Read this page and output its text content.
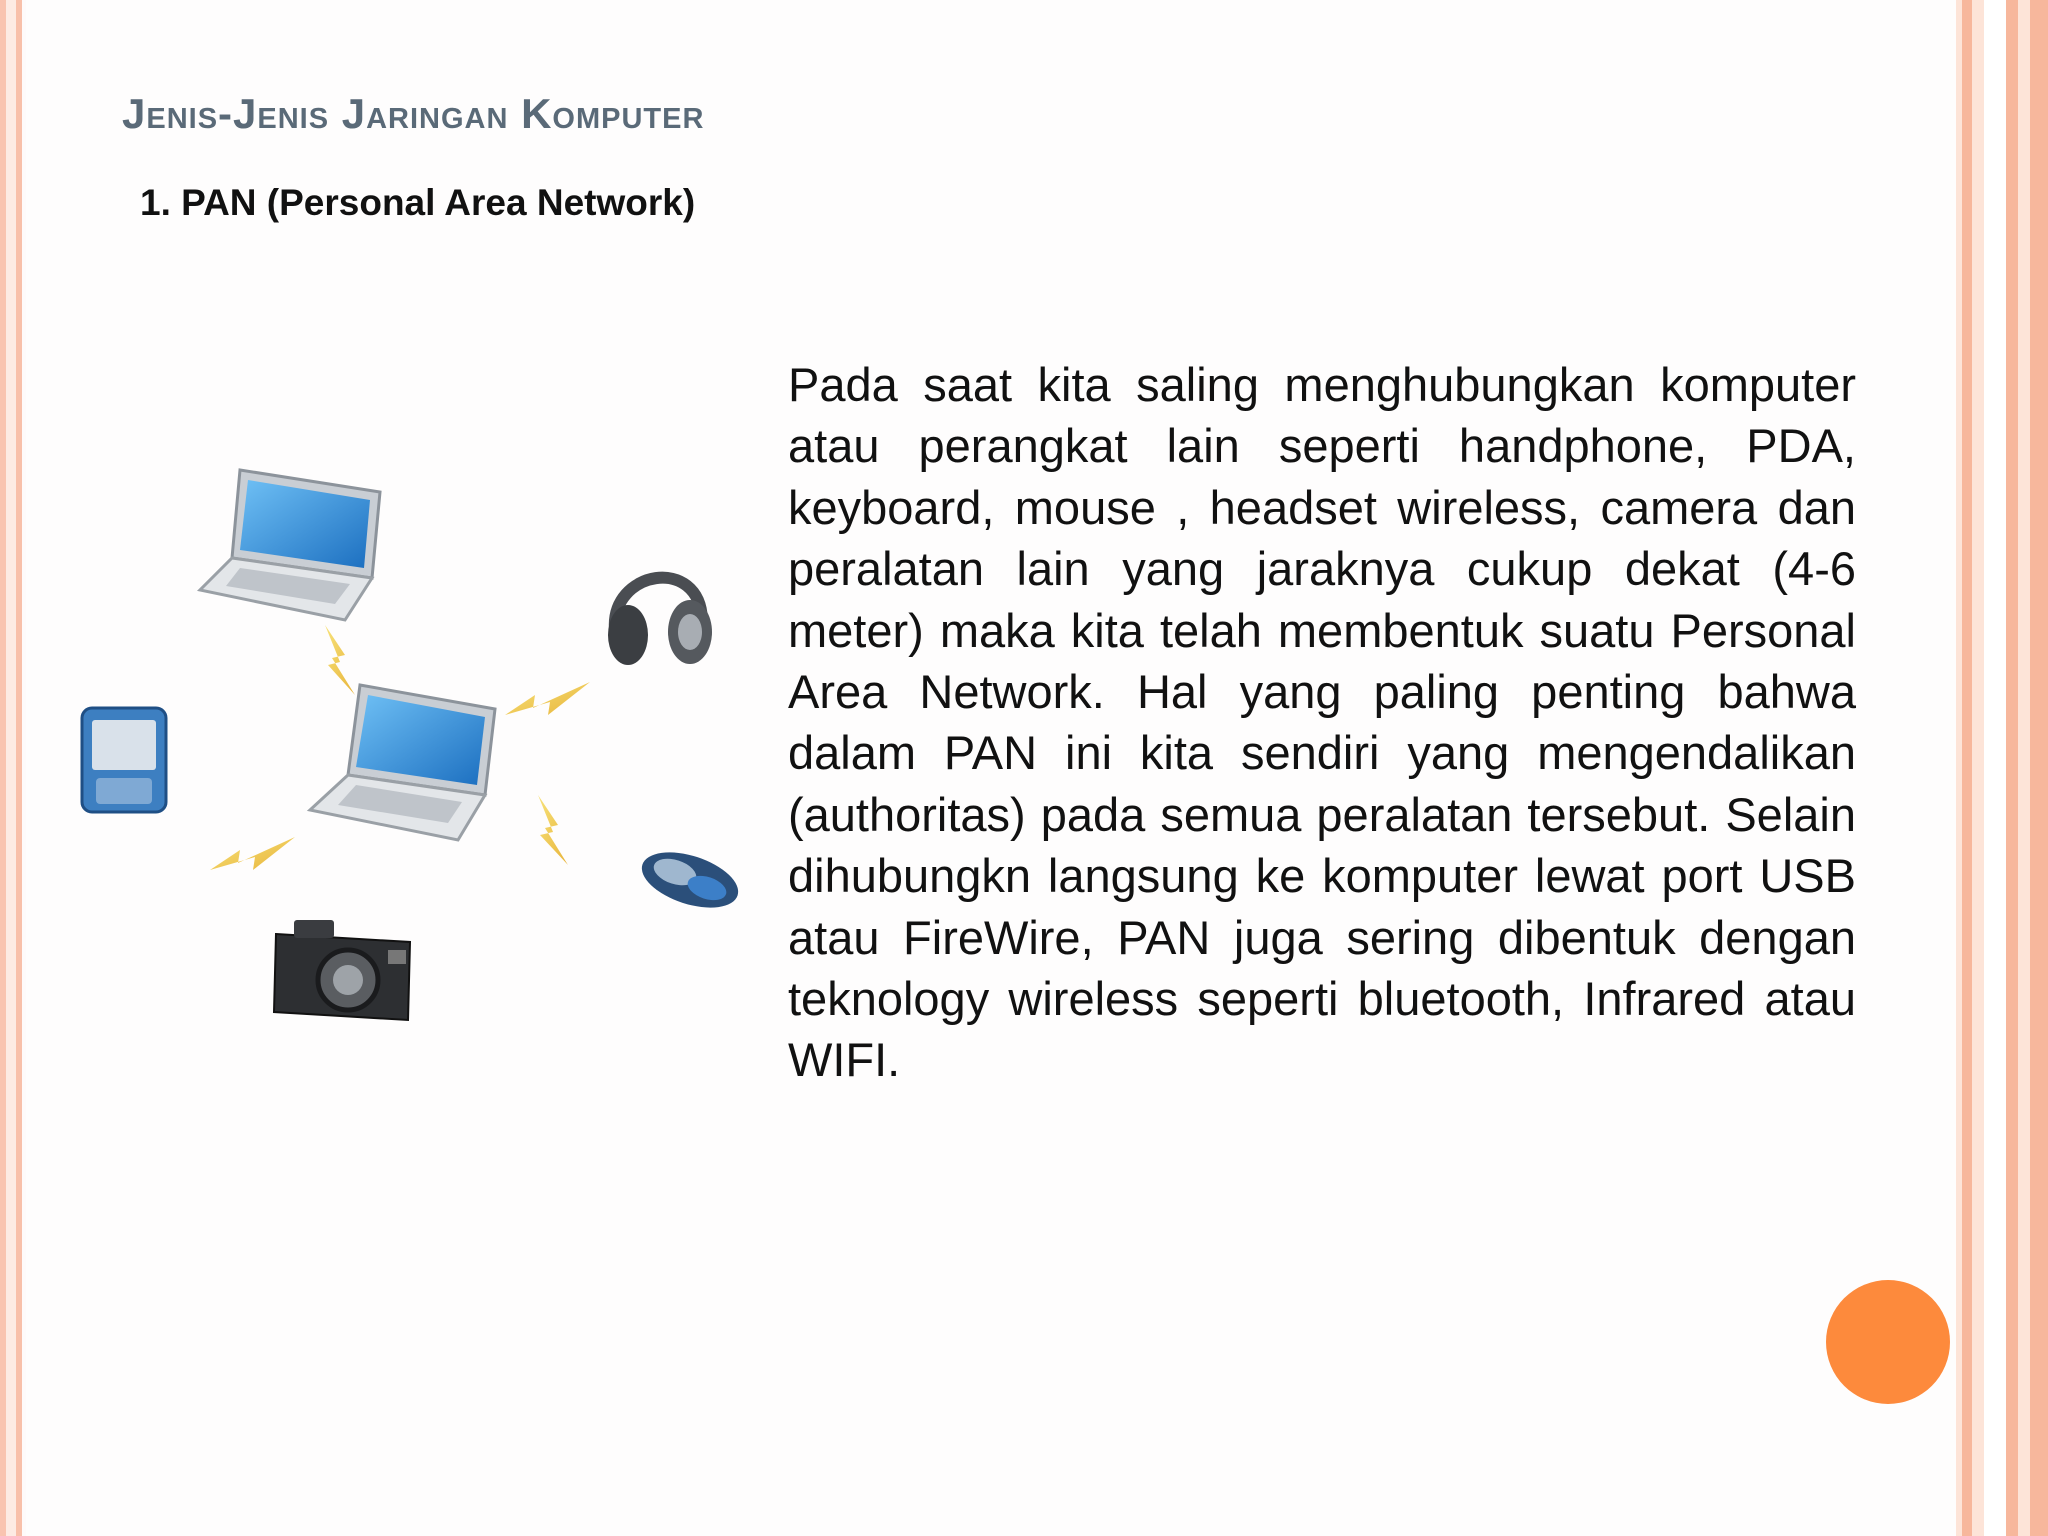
Jenis-Jenis Jaringan Komputer
1. PAN (Personal Area Network)
Pada saat kita saling menghubungkan komputer atau perangkat lain seperti handphone, PDA, keyboard, mouse , headset wireless, camera dan peralatan lain yang jaraknya cukup dekat (4-6 meter) maka kita telah membentuk suatu Personal Area Network. Hal yang paling penting bahwa dalam PAN ini kita sendiri yang mengendalikan (authoritas) pada semua peralatan tersebut. Selain dihubungkn langsung ke komputer lewat port USB atau FireWire, PAN juga sering dibentuk dengan teknology wireless seperti bluetooth, Infrared atau WIFI.
